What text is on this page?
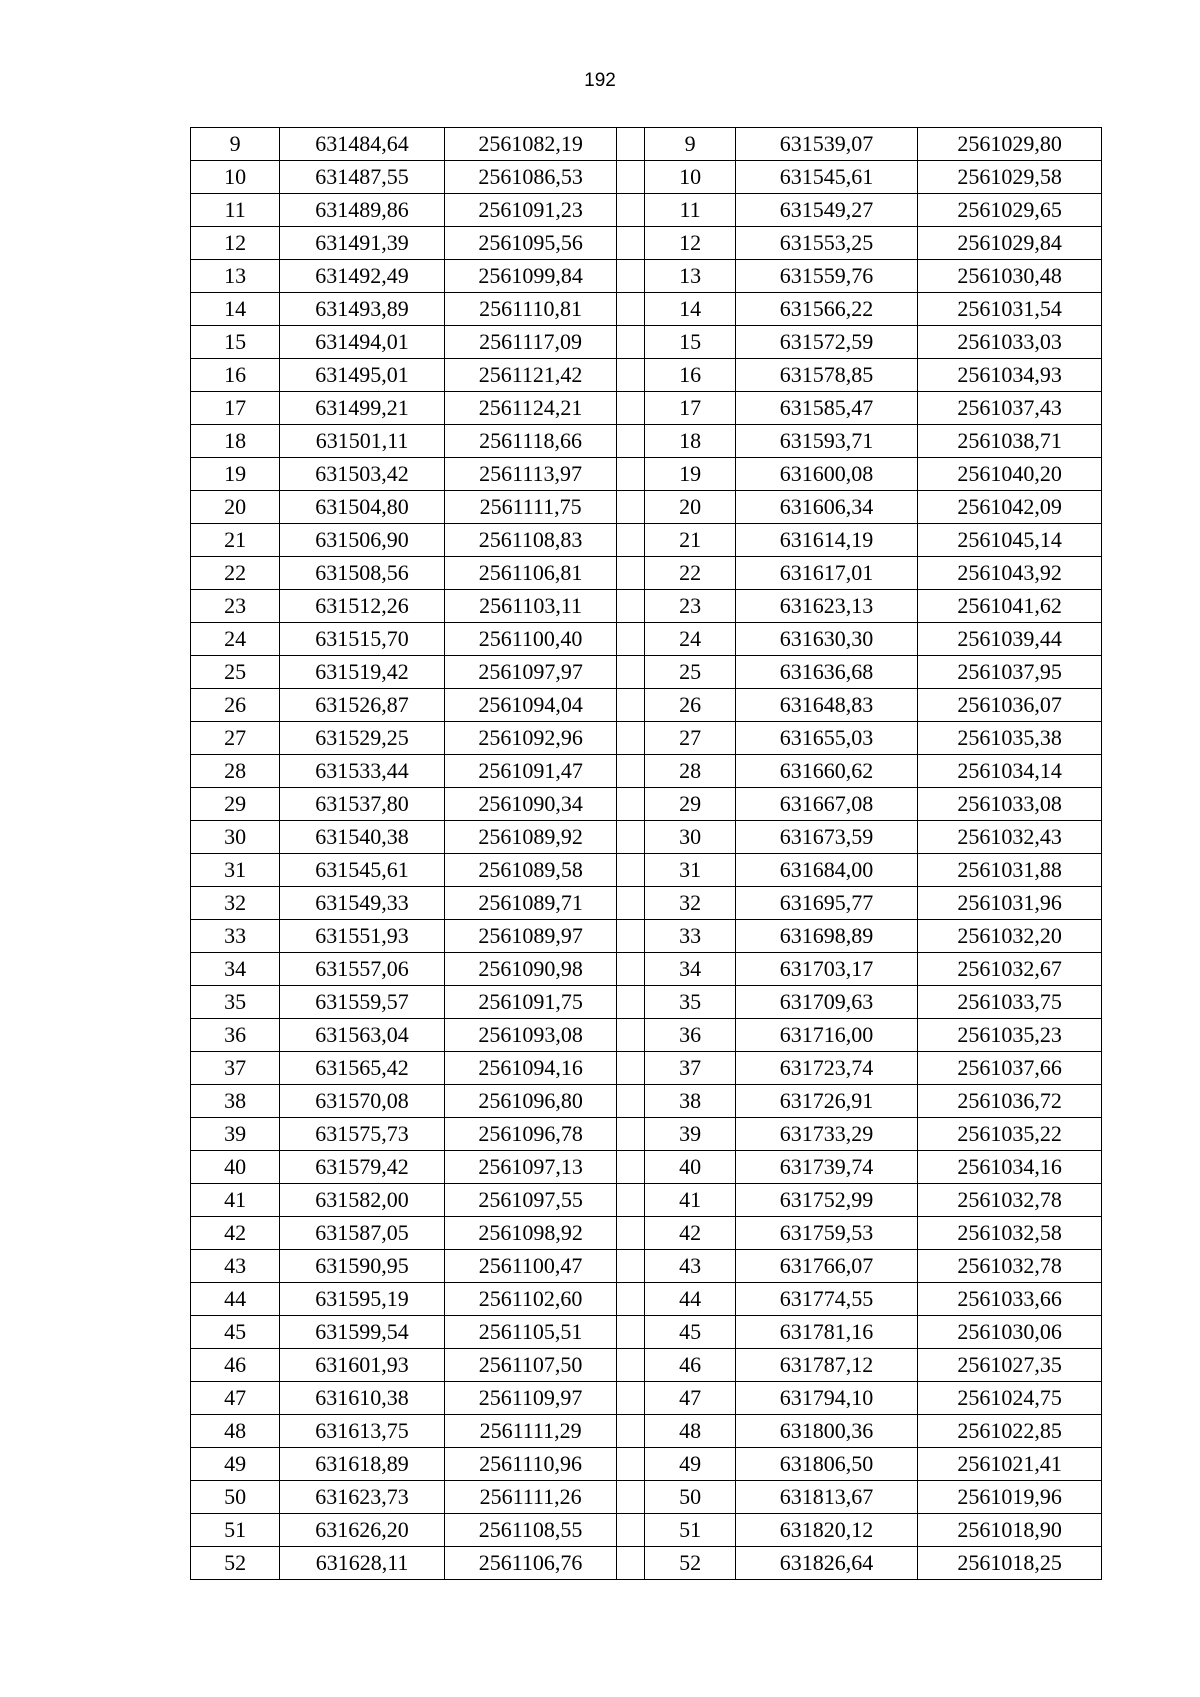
192
9	631484,64	2561082,19		9	631539,07	2561029,80
10	631487,55	2561086,53		10	631545,61	2561029,58
11	631489,86	2561091,23		11	631549,27	2561029,65
12	631491,39	2561095,56		12	631553,25	2561029,84
13	631492,49	2561099,84		13	631559,76	2561030,48
14	631493,89	2561110,81		14	631566,22	2561031,54
15	631494,01	2561117,09		15	631572,59	2561033,03
16	631495,01	2561121,42		16	631578,85	2561034,93
17	631499,21	2561124,21		17	631585,47	2561037,43
18	631501,11	2561118,66		18	631593,71	2561038,71
19	631503,42	2561113,97		19	631600,08	2561040,20
20	631504,80	2561111,75		20	631606,34	2561042,09
21	631506,90	2561108,83		21	631614,19	2561045,14
22	631508,56	2561106,81		22	631617,01	2561043,92
23	631512,26	2561103,11		23	631623,13	2561041,62
24	631515,70	2561100,40		24	631630,30	2561039,44
25	631519,42	2561097,97		25	631636,68	2561037,95
26	631526,87	2561094,04		26	631648,83	2561036,07
27	631529,25	2561092,96		27	631655,03	2561035,38
28	631533,44	2561091,47		28	631660,62	2561034,14
29	631537,80	2561090,34		29	631667,08	2561033,08
30	631540,38	2561089,92		30	631673,59	2561032,43
31	631545,61	2561089,58		31	631684,00	2561031,88
32	631549,33	2561089,71		32	631695,77	2561031,96
33	631551,93	2561089,97		33	631698,89	2561032,20
34	631557,06	2561090,98		34	631703,17	2561032,67
35	631559,57	2561091,75		35	631709,63	2561033,75
36	631563,04	2561093,08		36	631716,00	2561035,23
37	631565,42	2561094,16		37	631723,74	2561037,66
38	631570,08	2561096,80		38	631726,91	2561036,72
39	631575,73	2561096,78		39	631733,29	2561035,22
40	631579,42	2561097,13		40	631739,74	2561034,16
41	631582,00	2561097,55		41	631752,99	2561032,78
42	631587,05	2561098,92		42	631759,53	2561032,58
43	631590,95	2561100,47		43	631766,07	2561032,78
44	631595,19	2561102,60		44	631774,55	2561033,66
45	631599,54	2561105,51		45	631781,16	2561030,06
46	631601,93	2561107,50		46	631787,12	2561027,35
47	631610,38	2561109,97		47	631794,10	2561024,75
48	631613,75	2561111,29		48	631800,36	2561022,85
49	631618,89	2561110,96		49	631806,50	2561021,41
50	631623,73	2561111,26		50	631813,67	2561019,96
51	631626,20	2561108,55		51	631820,12	2561018,90
52	631628,11	2561106,76		52	631826,64	2561018,25
